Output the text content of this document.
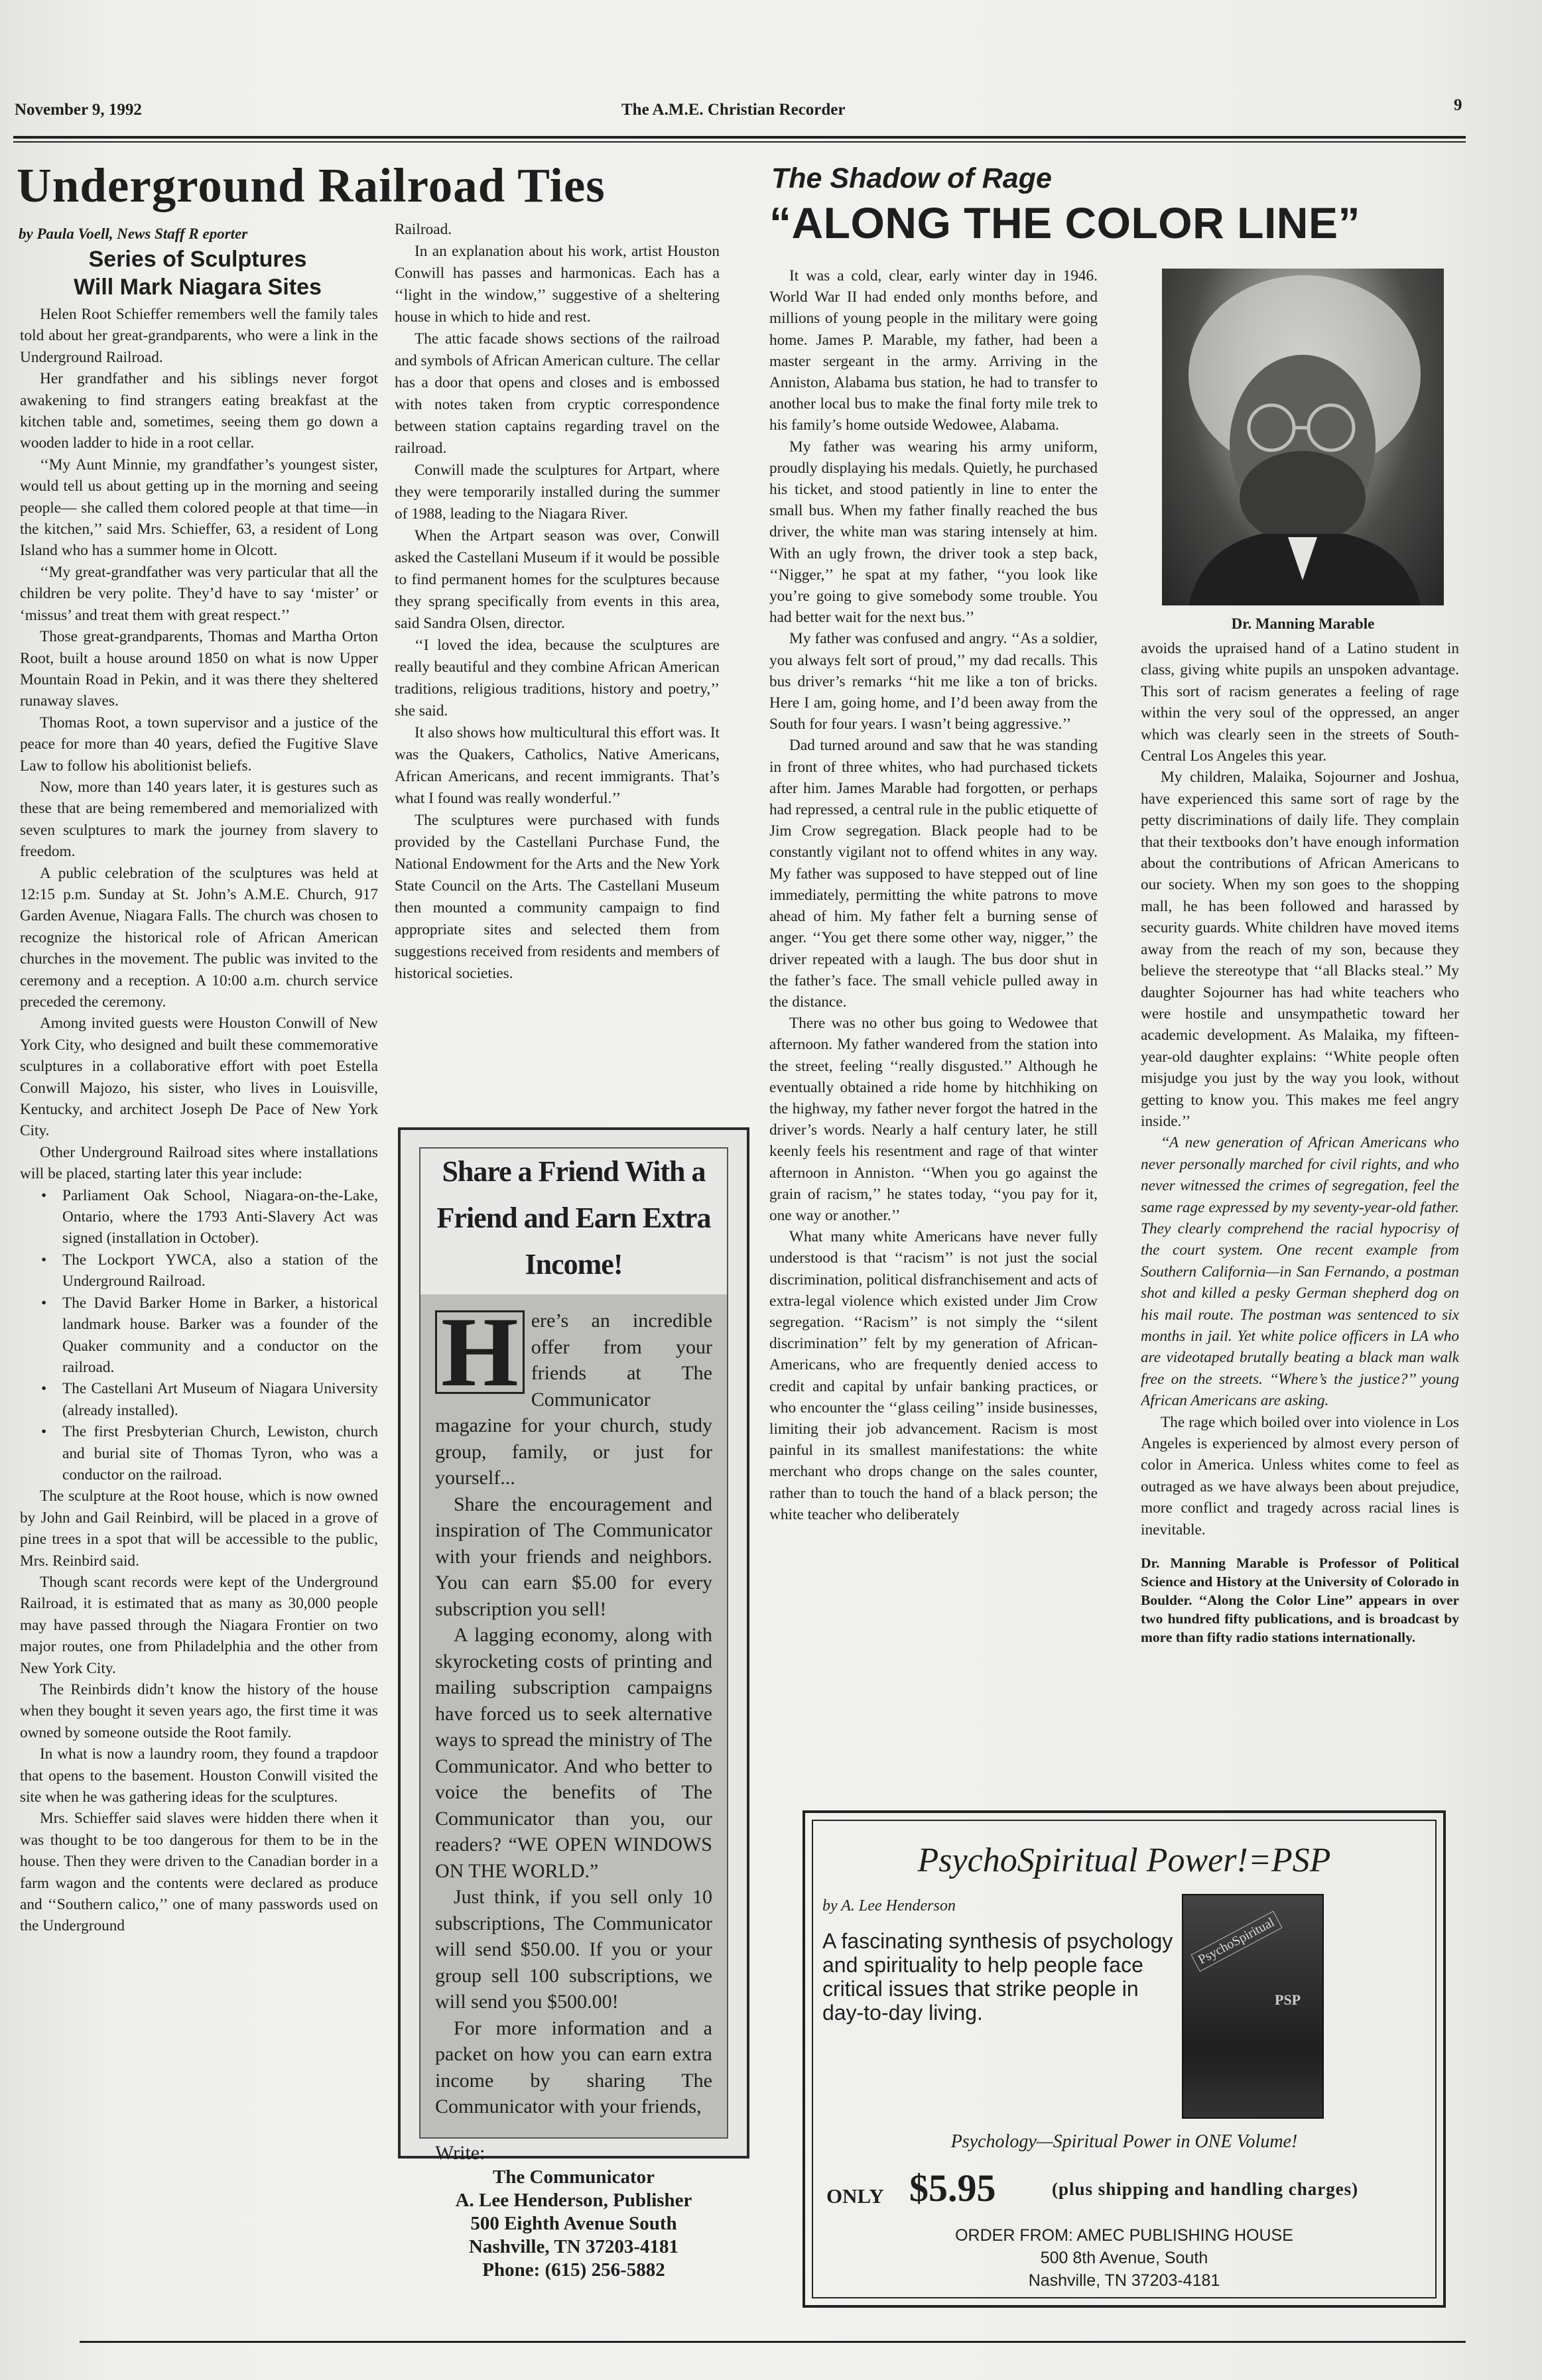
November 9, 1992	The A.M.E. Christian Recorder	9
Underground Railroad Ties
by Paula Voell, News Staff R eporter
Series of Sculptures
Will Mark Niagara Sites

Helen Root Schieffer remembers well the family tales told about her great-grandparents, who were a link in the Underground Railroad.

Her grandfather and his siblings never forgot awakening to find strangers eating breakfast at the kitchen table and, sometimes, seeing them go down a wooden ladder to hide in a root cellar.

‘‘My Aunt Minnie, my grandfather’s youngest sister, would tell us about getting up in the morning and seeing people— she called them colored people at that time—in the kitchen,’’ said Mrs. Schieffer, 63, a resident of Long Island who has a summer home in Olcott.

‘‘My great-grandfather was very particular that all the children be very polite. They’d have to say ‘mister’ or ‘missus’ and treat them with great respect.’’

Those great-grandparents, Thomas and Martha Orton Root, built a house around 1850 on what is now Upper Mountain Road in Pekin, and it was there they sheltered runaway slaves.

Thomas Root, a town supervisor and a justice of the peace for more than 40 years, defied the Fugitive Slave Law to follow his abolitionist beliefs.

Now, more than 140 years later, it is gestures such as these that are being remembered and memorialized with seven sculptures to mark the journey from slavery to freedom.

A public celebration of the sculptures was held at 12:15 p.m. Sunday at St. John’s A.M.E. Church, 917 Garden Avenue, Niagara Falls. The church was chosen to recognize the historical role of African American churches in the movement. The public was invited to the ceremony and a reception. A 10:00 a.m. church service preceded the ceremony.

Among invited guests were Houston Conwill of New York City, who designed and built these commemorative sculptures in a collaborative effort with poet Estella Conwill Majozo, his sister, who lives in Louisville, Kentucky, and architect Joseph De Pace of New York City.

Other Underground Railroad sites where installations will be placed, starting later this year include:

• Parliament Oak School, Niagara-on-the-Lake, Ontario, where the 1793 Anti-Slavery Act was signed (installation in October).
• The Lockport YWCA, also a station of the Underground Railroad.
• The David Barker Home in Barker, a historical landmark house. Barker was a founder of the Quaker community and a conductor on the railroad.
• The Castellani Art Museum of Niagara University (already installed).
• The first Presbyterian Church, Lewiston, church and burial site of Thomas Tyron, who was a conductor on the railroad.

The sculpture at the Root house, which is now owned by John and Gail Reinbird, will be placed in a grove of pine trees in a spot that will be accessible to the public, Mrs. Reinbird said.

Though scant records were kept of the Underground Railroad, it is estimated that as many as 30,000 people may have passed through the Niagara Frontier on two major routes, one from Philadelphia and the other from New York City.

The Reinbirds didn’t know the history of the house when they bought it seven years ago, the first time it was owned by someone outside the Root family.

In what is now a laundry room, they found a trapdoor that opens to the basement. Houston Conwill visited the site when he was gathering ideas for the sculptures.

Mrs. Schieffer said slaves were hidden there when it was thought to be too dangerous for them to be in the house. Then they were driven to the Canadian border in a farm wagon and the contents were declared as produce and ‘‘Southern calico,’’ one of many passwords used on the Underground

Railroad.

In an explanation about his work, artist Houston Conwill has passes and harmonicas. Each has a ‘‘light in the window,’’ suggestive of a sheltering house in which to hide and rest.

The attic facade shows sections of the railroad and symbols of African American culture. The cellar has a door that opens and closes and is embossed with notes taken from cryptic correspondence between station captains regarding travel on the railroad.

Conwill made the sculptures for Artpart, where they were temporarily installed during the summer of 1988, leading to the Niagara River.

When the Artpart season was over, Conwill asked the Castellani Museum if it would be possible to find permanent homes for the sculptures because they sprang specifically from events in this area, said Sandra Olsen, director.

‘‘I loved the idea, because the sculptures are really beautiful and they combine African American traditions, religious traditions, history and poetry,’’ she said.

It also shows how multicultural this effort was. It was the Quakers, Catholics, Native Americans, African Americans, and recent immigrants. That’s what I found was really wonderful.’’

The sculptures were purchased with funds provided by the Castellani Purchase Fund, the National Endowment for the Arts and the New York State Council on the Arts. The Castellani Museum then mounted a community campaign to find appropriate sites and selected them from suggestions received from residents and members of historical societies.

Share a Friend With a Friend and Earn Extra Income!
H ere’s an incredible offer from your friends at The Communicator magazine for your church, study group, family, or just for yourself...
Share the encouragement and inspiration of The Communicator with your friends and neighbors. You can earn $5.00 for every subscription you sell!
A lagging economy, along with skyrocketing costs of printing and mailing subscription campaigns have forced us to seek alternative ways to spread the ministry of The Communicator. And who better to voice the benefits of The Communicator than you, our readers? “WE OPEN WINDOWS ON THE WORLD.”
Just think, if you sell only 10 subscriptions, The Communicator will send $50.00. If you or your group sell 100 subscriptions, we will send you $500.00!
For more information and a packet on how you can earn extra income by sharing The Communicator with your friends,
Write:
The Communicator
A. Lee Henderson, Publisher
500 Eighth Avenue South
Nashville, TN 37203-4181
Phone: (615) 256-5882
The Shadow of Rage
“ALONG THE COLOR LINE”

It was a cold, clear, early winter day in 1946. World War II had ended only months before, and millions of young people in the military were going home. James P. Marable, my father, had been a master sergeant in the army. Arriving in the Anniston, Alabama bus station, he had to transfer to another local bus to make the final forty mile trek to his family’s home outside Wedowee, Alabama.

My father was wearing his army uniform, proudly displaying his medals. Quietly, he purchased his ticket, and stood patiently in line to enter the small bus. When my father finally reached the bus driver, the white man was staring intensely at him. With an ugly frown, the driver took a step back, ‘‘Nigger,’’ he spat at my father, ‘‘you look like you’re going to give somebody some trouble. You had better wait for the next bus.’’

My father was confused and angry. ‘‘As a soldier, you always felt sort of proud,’’ my dad recalls. This bus driver’s remarks ‘‘hit me like a ton of bricks. Here I am, going home, and I’d been away from the South for four years. I wasn’t being aggressive.’’

Dad turned around and saw that he was standing in front of three whites, who had purchased tickets after him. James Marable had forgotten, or perhaps had repressed, a central rule in the public etiquette of Jim Crow segregation. Black people had to be constantly vigilant not to offend whites in any way. My father was supposed to have stepped out of line immediately, permitting the white patrons to move ahead of him. My father felt a burning sense of anger. ‘‘You get there some other way, nigger,’’ the driver repeated with a laugh. The bus door shut in the father’s face. The small vehicle pulled away in the distance.

There was no other bus going to Wedowee that afternoon. My father wandered from the station into the street, feeling ‘‘really disgusted.’’ Although he eventually obtained a ride home by hitchhiking on the highway, my father never forgot the hatred in the driver’s words. Nearly a half century later, he still keenly feels his resentment and rage of that winter afternoon in Anniston. ‘‘When you go against the grain of racism,’’ he states today, ‘‘you pay for it, one way or another.’’

What many white Americans have never fully understood is that ‘‘racism’’ is not just the social discrimination, political disfranchisement and acts of extra-legal violence which existed under Jim Crow segregation. ‘‘Racism’’ is not simply the ‘‘silent discrimination’’ felt by my generation of African-Americans, who are frequently denied access to credit and capital by unfair banking practices, or who encounter the ‘‘glass ceiling’’ inside businesses, limiting their job advancement. Racism is most painful in its smallest manifestations: the white merchant who drops change on the sales counter, rather than to touch the hand of a black person; the white teacher who deliberately

Dr. Manning Marable

avoids the upraised hand of a Latino student in class, giving white pupils an unspoken advantage. This sort of racism generates a feeling of rage within the very soul of the oppressed, an anger which was clearly seen in the streets of South-Central Los Angeles this year.

My children, Malaika, Sojourner and Joshua, have experienced this same sort of rage by the petty discriminations of daily life. They complain that their textbooks don’t have enough information about the contributions of African Americans to our society. When my son goes to the shopping mall, he has been followed and harassed by security guards. White children have moved items away from the reach of my son, because they believe the stereotype that ‘‘all Blacks steal.’’ My daughter Sojourner has had white teachers who were hostile and unsympathetic toward her academic development. As Malaika, my fifteen-year-old daughter explains: ‘‘White people often misjudge you just by the way you look, without getting to know you. This makes me feel angry inside.’’

‘‘A new generation of African Americans who never personally marched for civil rights, and who never witnessed the crimes of segregation, feel the same rage expressed by my seventy-year-old father. They clearly comprehend the racial hypocrisy of the court system. One recent example from Southern California—in San Fernando, a postman shot and killed a pesky German shepherd dog on his mail route. The postman was sentenced to six months in jail. Yet white police officers in LA who are videotaped brutally beating a black man walk free on the streets. ‘‘Where’s the justice?’’ young African Americans are asking.

The rage which boiled over into violence in Los Angeles is experienced by almost every person of color in America. Unless whites come to feel as outraged as we have always been about prejudice, more conflict and tragedy across racial lines is inevitable.

Dr. Manning Marable is Professor of Political Science and History at the University of Colorado in Boulder. ‘‘Along the Color Line’’ appears in over two hundred fifty publications, and is broadcast by more than fifty radio stations internationally.

PsychoSpiritual Power!=PSP
by A. Lee Henderson
A fascinating synthesis of psychology and spirituality to help people face critical issues that strike people in day-to-day living.
PsychoSpiritual
PSP
Psychology—Spiritual Power in ONE Volume!
ONLY $5.95	(plus shipping and handling charges)
ORDER FROM: AMEC PUBLISHING HOUSE
500 8th Avenue, South
Nashville, TN 37203-4181
